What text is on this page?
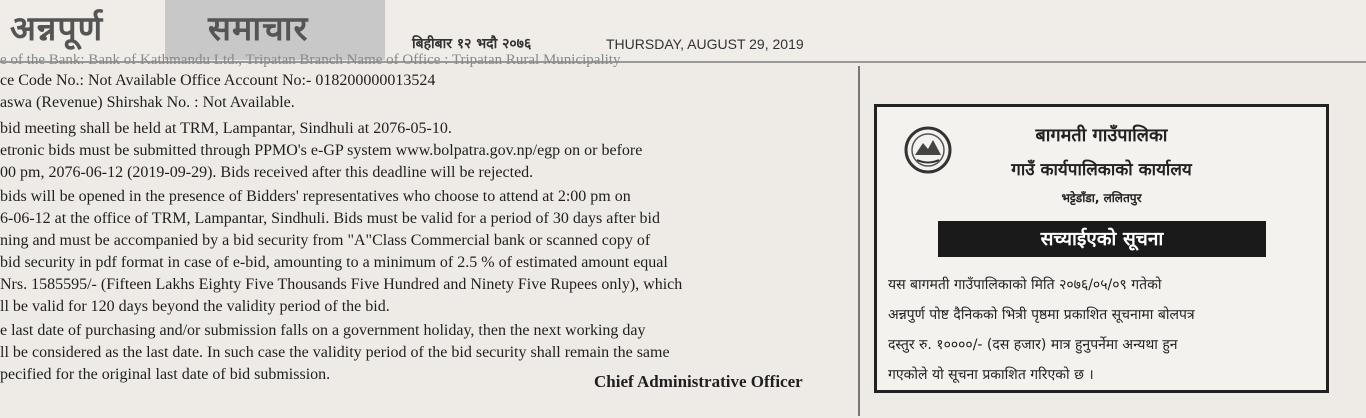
अन्नपूर्ण	समाचार	बिहीबार १२ भदौ २०७६	THURSDAY, AUGUST 29, 2019
e of the Bank: Bank of Kathmandu Ltd., Tripatan Branch Name of Office : Tripatan Rural Municipality
ce Code No.: Not Available Office Account No:- 018200000013524
aswa (Revenue) Shirshak No. : Not Available.
bid meeting shall be held at TRM, Lampantar, Sindhuli at 2076-05-10.
etronic bids must be submitted through PPMO's e-GP system www.bolpatra.gov.np/egp on or before
00 pm, 2076-06-12 (2019-09-29). Bids received after this deadline will be rejected.
bids will be opened in the presence of Bidders' representatives who choose to attend at 2:00 pm on
6-06-12 at the office of TRM, Lampantar, Sindhuli. Bids must be valid for a period of 30 days after bid
ning and must be accompanied by a bid security from "A"Class Commercial bank or scanned copy of
bid security in pdf format in case of e-bid, amounting to a minimum of 2.5 % of estimated amount equal
Nrs. 1585595/- (Fifteen Lakhs Eighty Five Thousands Five Hundred and Ninety Five Rupees only), which
ll be valid for 120 days beyond the validity period of the bid.
e last date of purchasing and/or submission falls on a government holiday, then the next working day
ll be considered as the last date. In such case the validity period of the bid security shall remain the same
pecified for the original last date of bid submission.	Chief Administrative Officer
बागमती गाउँपालिका
गाउँ कार्यपालिकाको कार्यालय
भट्टेडाँडा, ललितपुर
सच्याईएको सूचना
यस बागमती गाउँपालिकाको मिति २०७६/०५/०९ गतेको
अन्नपुर्ण पोष्ट दैनिकको भित्री पृष्ठमा प्रकाशित सूचनामा बोलपत्र
दस्तुर रु. १००००/- (दस हजार) मात्र हुनुपर्नेमा अन्यथा हुन
गएकोले यो सूचना प्रकाशित गरिएको छ ।
